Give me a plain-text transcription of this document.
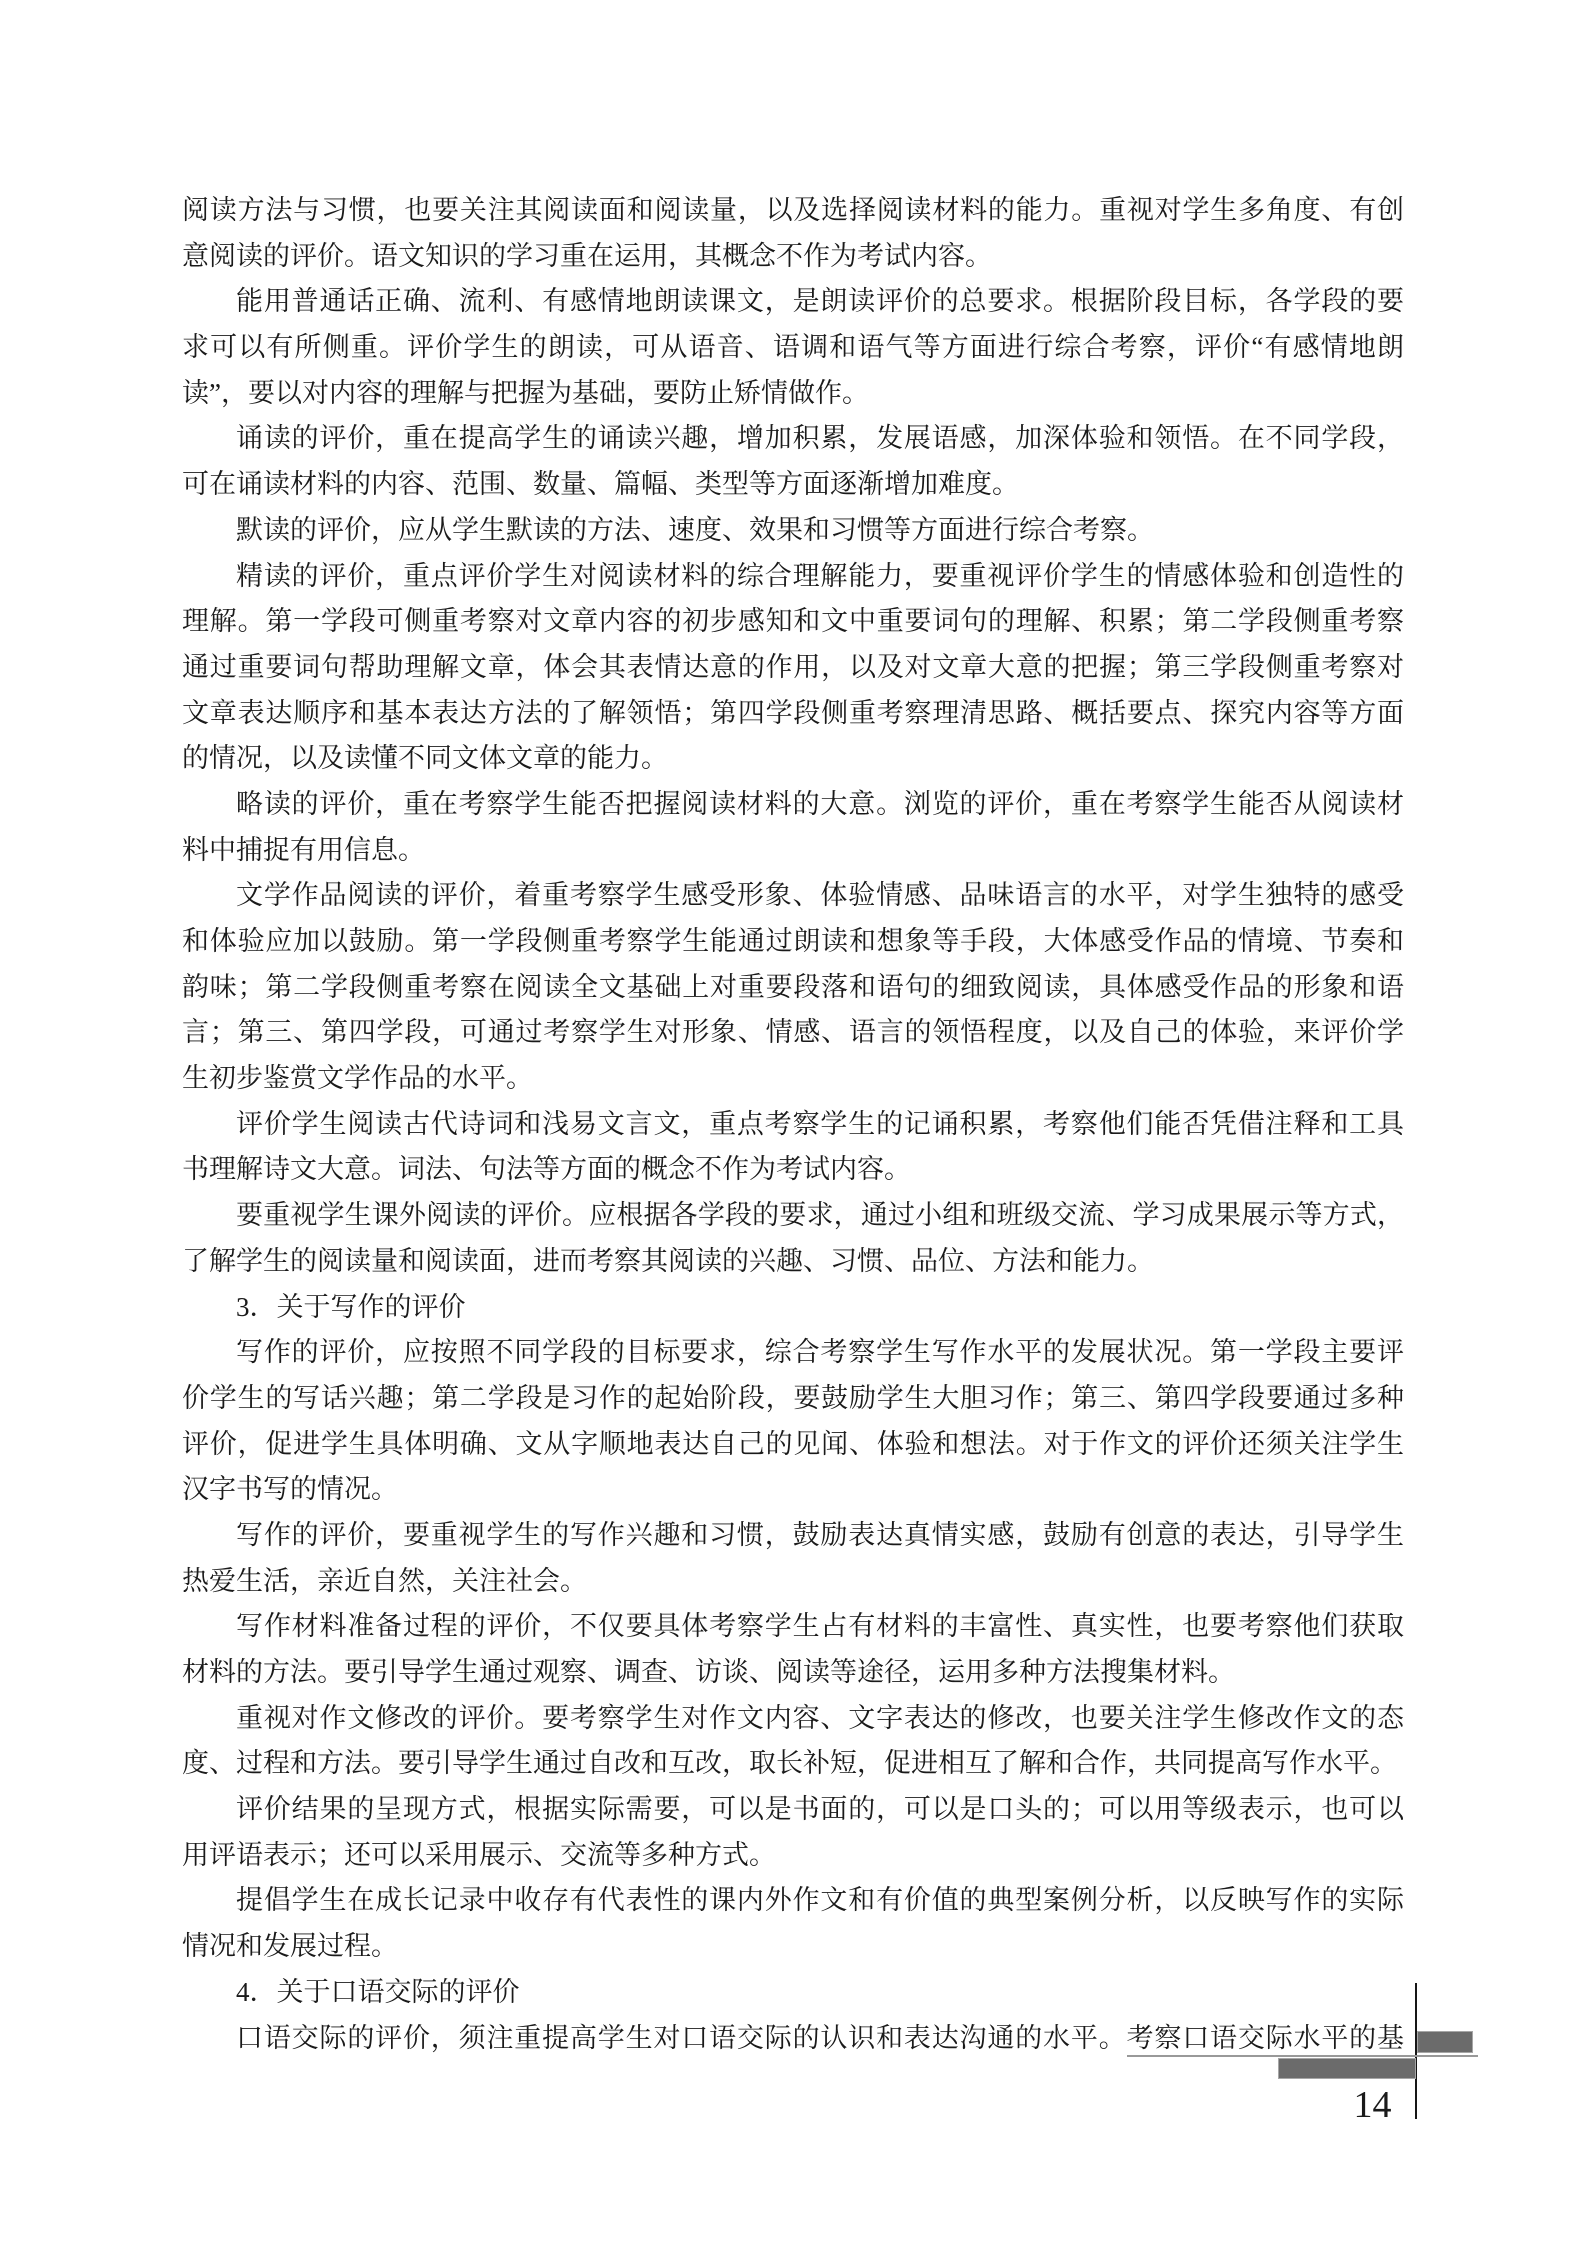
阅读方法与习惯，也要关注其阅读面和阅读量，以及选择阅读材料的能力。重视对学生多角度、有创
意阅读的评价。语文知识的学习重在运用，其概念不作为考试内容。
能用普通话正确、流利、有感情地朗读课文，是朗读评价的总要求。根据阶段目标，各学段的要
求可以有所侧重。评价学生的朗读，可从语音、语调和语气等方面进行综合考察，评价“有感情地朗
读”，要以对内容的理解与把握为基础，要防止矫情做作。
诵读的评价，重在提高学生的诵读兴趣，增加积累，发展语感，加深体验和领悟。在不同学段，
可在诵读材料的内容、范围、数量、篇幅、类型等方面逐渐增加难度。
默读的评价，应从学生默读的方法、速度、效果和习惯等方面进行综合考察。
精读的评价，重点评价学生对阅读材料的综合理解能力，要重视评价学生的情感体验和创造性的
理解。第一学段可侧重考察对文章内容的初步感知和文中重要词句的理解、积累；第二学段侧重考察
通过重要词句帮助理解文章，体会其表情达意的作用，以及对文章大意的把握；第三学段侧重考察对
文章表达顺序和基本表达方法的了解领悟；第四学段侧重考察理清思路、概括要点、探究内容等方面
的情况，以及读懂不同文体文章的能力。
略读的评价，重在考察学生能否把握阅读材料的大意。浏览的评价，重在考察学生能否从阅读材
料中捕捉有用信息。
文学作品阅读的评价，着重考察学生感受形象、体验情感、品味语言的水平，对学生独特的感受
和体验应加以鼓励。第一学段侧重考察学生能通过朗读和想象等手段，大体感受作品的情境、节奏和
韵味；第二学段侧重考察在阅读全文基础上对重要段落和语句的细致阅读，具体感受作品的形象和语
言；第三、第四学段，可通过考察学生对形象、情感、语言的领悟程度，以及自己的体验，来评价学
生初步鉴赏文学作品的水平。
评价学生阅读古代诗词和浅易文言文，重点考察学生的记诵积累，考察他们能否凭借注释和工具
书理解诗文大意。词法、句法等方面的概念不作为考试内容。
要重视学生课外阅读的评价。应根据各学段的要求，通过小组和班级交流、学习成果展示等方式，
了解学生的阅读量和阅读面，进而考察其阅读的兴趣、习惯、品位、方法和能力。
3．关于写作的评价
写作的评价，应按照不同学段的目标要求，综合考察学生写作水平的发展状况。第一学段主要评
价学生的写话兴趣；第二学段是习作的起始阶段，要鼓励学生大胆习作；第三、第四学段要通过多种
评价，促进学生具体明确、文从字顺地表达自己的见闻、体验和想法。对于作文的评价还须关注学生
汉字书写的情况。
写作的评价，要重视学生的写作兴趣和习惯，鼓励表达真情实感，鼓励有创意的表达，引导学生
热爱生活，亲近自然，关注社会。
写作材料准备过程的评价，不仅要具体考察学生占有材料的丰富性、真实性，也要考察他们获取
材料的方法。要引导学生通过观察、调查、访谈、阅读等途径，运用多种方法搜集材料。
重视对作文修改的评价。要考察学生对作文内容、文字表达的修改，也要关注学生修改作文的态
度、过程和方法。要引导学生通过自改和互改，取长补短，促进相互了解和合作，共同提高写作水平。
评价结果的呈现方式，根据实际需要，可以是书面的，可以是口头的；可以用等级表示，也可以
用评语表示；还可以采用展示、交流等多种方式。
提倡学生在成长记录中收存有代表性的课内外作文和有价值的典型案例分析，以反映写作的实际
情况和发展过程。
4．关于口语交际的评价
口语交际的评价，须注重提高学生对口语交际的认识和表达沟通的水平。考察口语交际水平的基
14
